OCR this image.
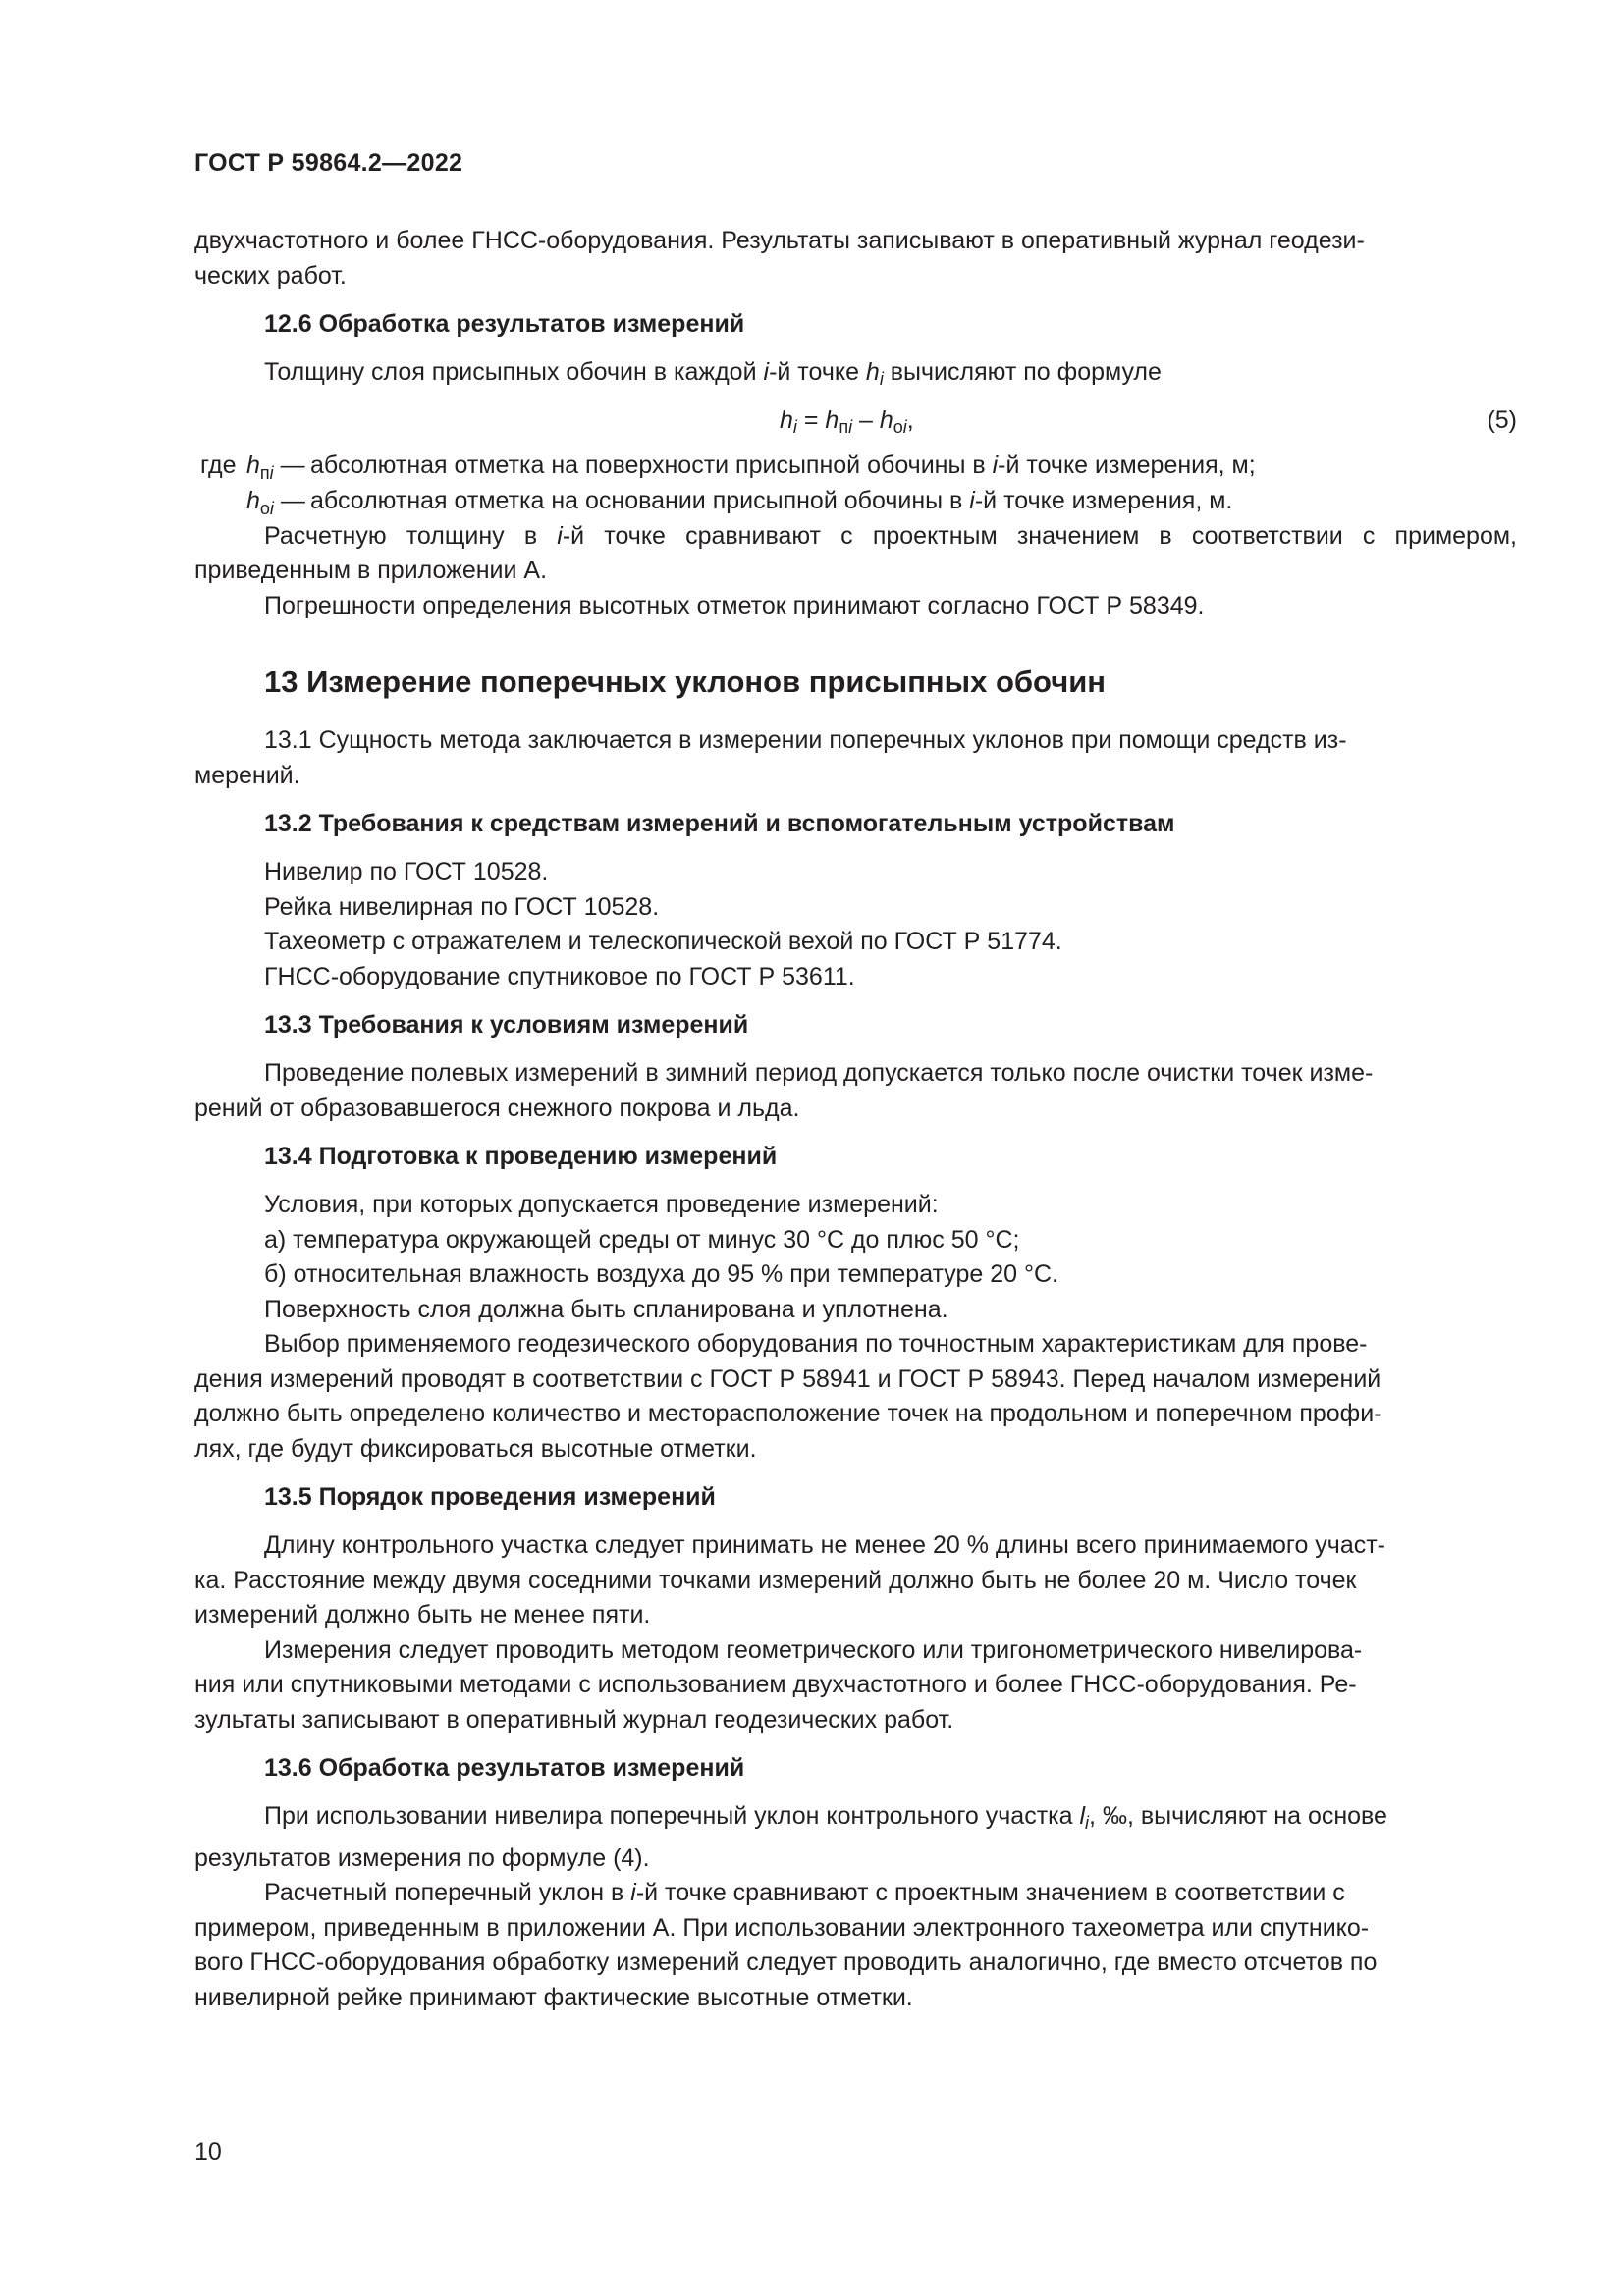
ГОСТ Р 59864.2—2022

двухчастотного и более ГНСС-оборудования. Результаты записывают в оперативный журнал геодези-

ческих работ.

12.6 Обработка результатов измерений

Толщину слоя присыпных обочин в каждой i-й точке $h_i$ вычисляют по формуле

$h_i = h_{пi} - h_{оi}$,	(5)
где $h_{пi}$ — абсолютная отметка на поверхности присыпной обочины в i-й точке измерения, м;
$h_{оi}$ — абсолютная отметка на основании присыпной обочины в i-й точке измерения, м.

Расчетную толщину в i-й точке сравнивают с проектным значением в соответствии с примером, приведенным в приложении А.

Погрешности определения высотных отметок принимают согласно ГОСТ Р 58349.

13 Измерение поперечных уклонов присыпных обочин

13.1 Сущность метода заключается в измерении поперечных уклонов при помощи средств из-

мерений.

13.2 Требования к средствам измерений и вспомогательным устройствам
Нивелир по ГОСТ 10528.
Рейка нивелирная по ГОСТ 10528.
Тахеометр с отражателем и телескопической вехой по ГОСТ Р 51774.
ГНСС-оборудование спутниковое по ГОСТ Р 53611.
13.3 Требования к условиям измерений

Проведение полевых измерений в зимний период допускается только после очистки точек изме-

рений от образовавшегося снежного покрова и льда.

13.4 Подготовка к проведению измерений
Условия, при которых допускается проведение измерений:
а) температура окружающей среды от минус 30 °С до плюс 50 °С;
б) относительная влажность воздуха до 95 % при температуре 20 °С.
Поверхность слоя должна быть спланирована и уплотнена.

Выбор применяемого геодезического оборудования по точностным характеристикам для прове-

дения измерений проводят в соответствии с ГОСТ Р 58941 и ГОСТ Р 58943. Перед началом измерений

должно быть определено количество и месторасположение точек на продольном и поперечном профи-

лях, где будут фиксироваться высотные отметки.

13.5 Порядок проведения измерений

Длину контрольного участка следует принимать не менее 20 % длины всего принимаемого участ-

ка. Расстояние между двумя соседними точками измерений должно быть не более 20 м. Число точек

измерений должно быть не менее пяти.

Измерения следует проводить методом геометрического или тригонометрического нивелирова-

ния или спутниковыми методами с использованием двухчастотного и более ГНСС-оборудования. Ре-

зультаты записывают в оперативный журнал геодезических работ.

13.6 Обработка результатов измерений

При использовании нивелира поперечный уклон контрольного участка $l_i$, ‰, вычисляют на основе

результатов измерения по формуле (4).

Расчетный поперечный уклон в i-й точке сравнивают с проектным значением в соответствии с

примером, приведенным в приложении А. При использовании электронного тахеометра или спутнико-

вого ГНСС-оборудования обработку измерений следует проводить аналогично, где вместо отсчетов по

нивелирной рейке принимают фактические высотные отметки.

10
